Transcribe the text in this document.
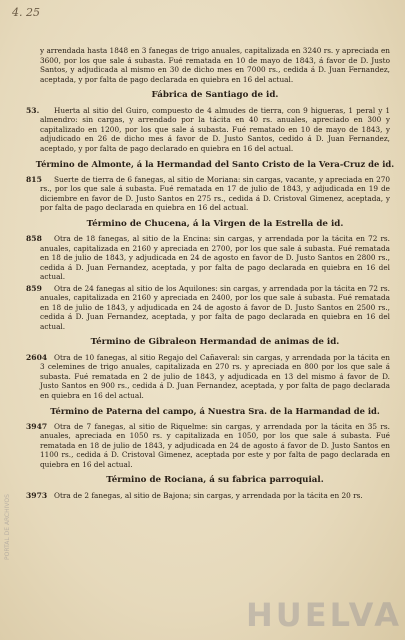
4. 25
PORTAL DE ARCHIVOS

y arrendada hasta 1848 en 3 fanegas de trigo anuales, capitalizada en 3240 rs. y apreciada en 3600, por los que sale á subasta. Fué rematada en 10 de mayo de 1843, á favor de D. Justo Santos, y adjudicada al mismo en 30 de dicho mes en 7000 rs., cedida á D. Juan Fernandez, aceptada, y por falta de pago declarada en quiebra en 16 del actual.

Fábrica de Santiago de id.
53.	Huerta al sitio del Guiro, compuesto de 4 almudes de tierra, con 9 higueras, 1 peral y 1 almendro: sin cargas, y arrendado por la tácita en 40 rs. anuales, apreciado en 300 y capitalizado en 1200, por los que sale á subasta. Fué rematado en 10 de mayo de 1843, y adjudicado en 26 de dicho mes á favor de D. Justo Santos, cedido á D. Juan Fernandez, aceptado, y por falta de pago declarado en quiebra en 16 del actual.
Término de Almonte, á la Hermandad del Santo Cristo de la Vera-Cruz de id.
815	Suerte de tierra de 6 fanegas, al sitio de Moriana: sin cargas, vacante, y apreciada en 270 rs., por los que sale á subasta. Fué rematada en 17 de julio de 1843, y adjudicada en 19 de diciembre en favor de D. Justo Santos en 275 rs., cedida á D. Cristoval Gimenez, aceptada, y por falta de pago declarada en quiebra en 16 del actual.
Término de Chucena, á la Virgen de la Estrella de id.
858	Otra de 18 fanegas, al sitio de la Encina: sin cargas, y arrendada por la tácita en 72 rs. anuales, capitalizada en 2160 y apreciada en 2700, por los que sale á subasta. Fué rematada en 18 de julio de 1843, y adjudicada en 24 de agosto en favor de D. Justo Santos en 2800 rs., cedida á D. Juan Fernandez, aceptada, y por falta de pago declarada en quiebra en 16 del actual.
859	Otra de 24 fanegas al sitio de los Aquilones: sin cargas, y arrendada por la tácita en 72 rs. anuales, capitalizada en 2160 y apreciada en 2400, por los que sale á subasta. Fué rematada en 18 de julio de 1843, y adjudicada en 24 de agosto á favor de D. Justo Santos en 2500 rs., cedida á D. Juan Fernandez, aceptada, y por falta de pago declarada en quiebra en 16 del actual.
Término de Gibraleon Hermandad de animas de id.
2604 Otra de 10 fanegas, al sitio Regajo del Cañaveral: sin cargas, y arrendada por la tácita en 3 celemines de trigo anuales, capitalizada en 270 rs. y apreciada en 800 por los que sale á subasta. Fué rematada en 2 de julio de 1843, y adjudicada en 13 del mismo á favor de D. Justo Santos en 900 rs., cedida á D. Juan Fernandez, aceptada, y por falta de pago declarada en quiebra en 16 del actual.
Término de Paterna del campo, á Nuestra Sra. de la Harmandad de id.
3947 Otra de 7 fanegas, al sitio de Riquelme: sin cargas, y arrendada por la tácita en 35 rs. anuales, apreciada en 1050 rs. y capitalizada en 1050, por los que sale á subasta. Fué rematada en 18 de julio de 1843, y adjudicada en 24 de agosto á favor de D. Justo Santos en 1100 rs., cedida á D. Cristoval Gimenez, aceptada por este y por falta de pago declarada en quiebra en 16 del actual.
Término de Rociana, á su fabrica parroquial.
3973 Otra de 2 fanegas, al sitio de Bajona; sin cargas, y arrendada por la tácita en 20 rs.
HUELVA
